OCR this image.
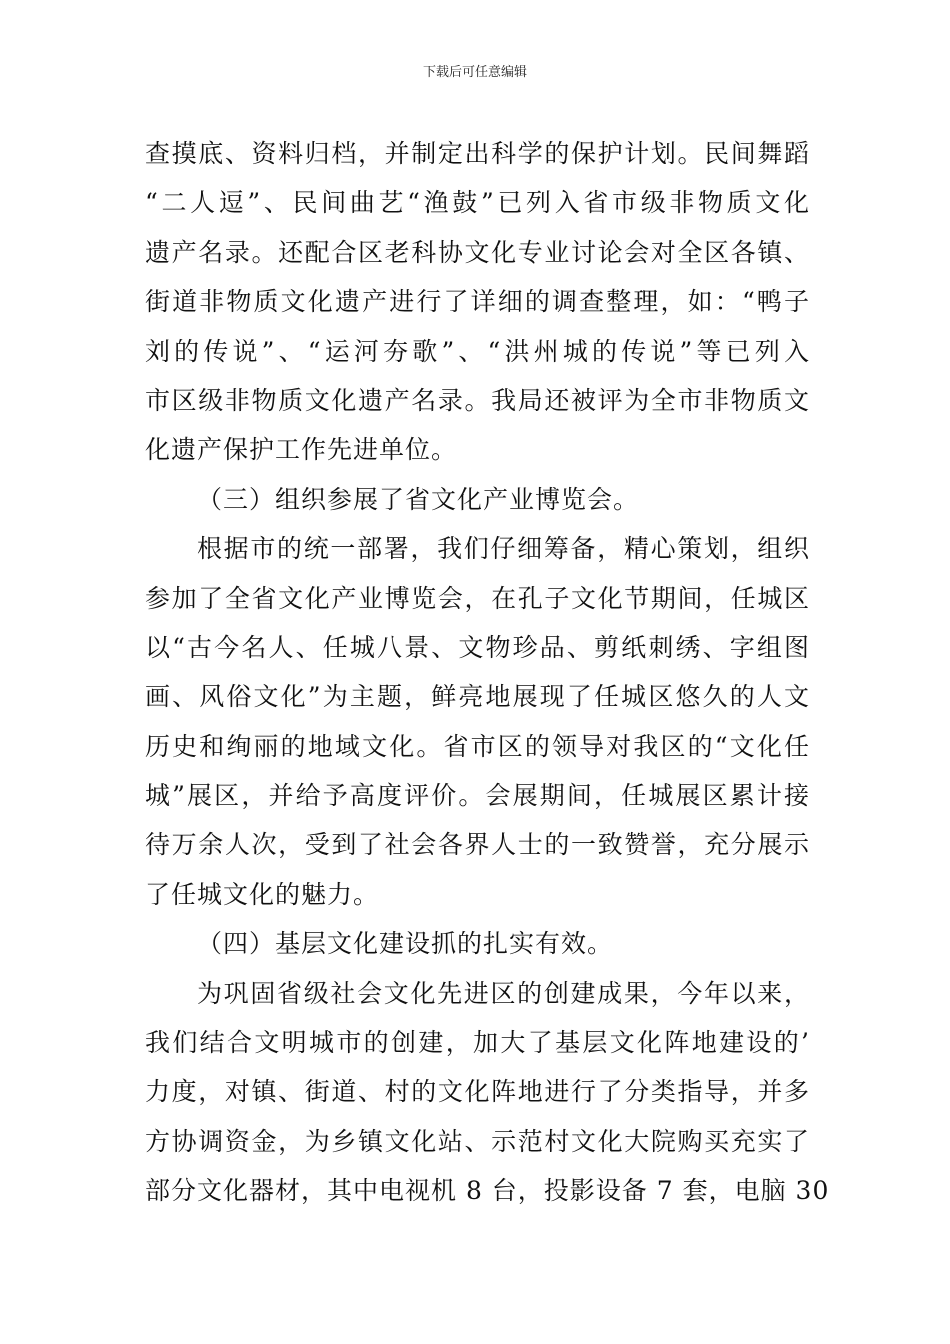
下载后可任意编辑
查摸底、资料归档，并制定出科学的保护计划。民间舞蹈
“二人逗”、民间曲艺“渔鼓”已列入省市级非物质文化
遗产名录。还配合区老科协文化专业讨论会对全区各镇、
街道非物质文化遗产进行了详细的调查整理，如：“鸭子
刘的传说”、“运河夯歌”、“洪州城的传说”等已列入
市区级非物质文化遗产名录。我局还被评为全市非物质文
化遗产保护工作先进单位。
（三）组织参展了省文化产业博览会。
根据市的统一部署，我们仔细筹备，精心策划，组织
参加了全省文化产业博览会，在孔子文化节期间，任城区
以“古今名人、任城八景、文物珍品、剪纸刺绣、字组图
画、风俗文化”为主题，鲜亮地展现了任城区悠久的人文
历史和绚丽的地域文化。省市区的领导对我区的“文化任
城”展区，并给予高度评价。会展期间，任城展区累计接
待万余人次，受到了社会各界人士的一致赞誉，充分展示
了任城文化的魅力。
（四）基层文化建设抓的扎实有效。
为巩固省级社会文化先进区的创建成果，今年以来，
我们结合文明城市的创建，加大了基层文化阵地建设的’
力度，对镇、街道、村的文化阵地进行了分类指导，并多
方协调资金，为乡镇文化站、示范村文化大院购买充实了
部分文化器材，其中电视机 8 台，投影设备 7 套，电脑 30
